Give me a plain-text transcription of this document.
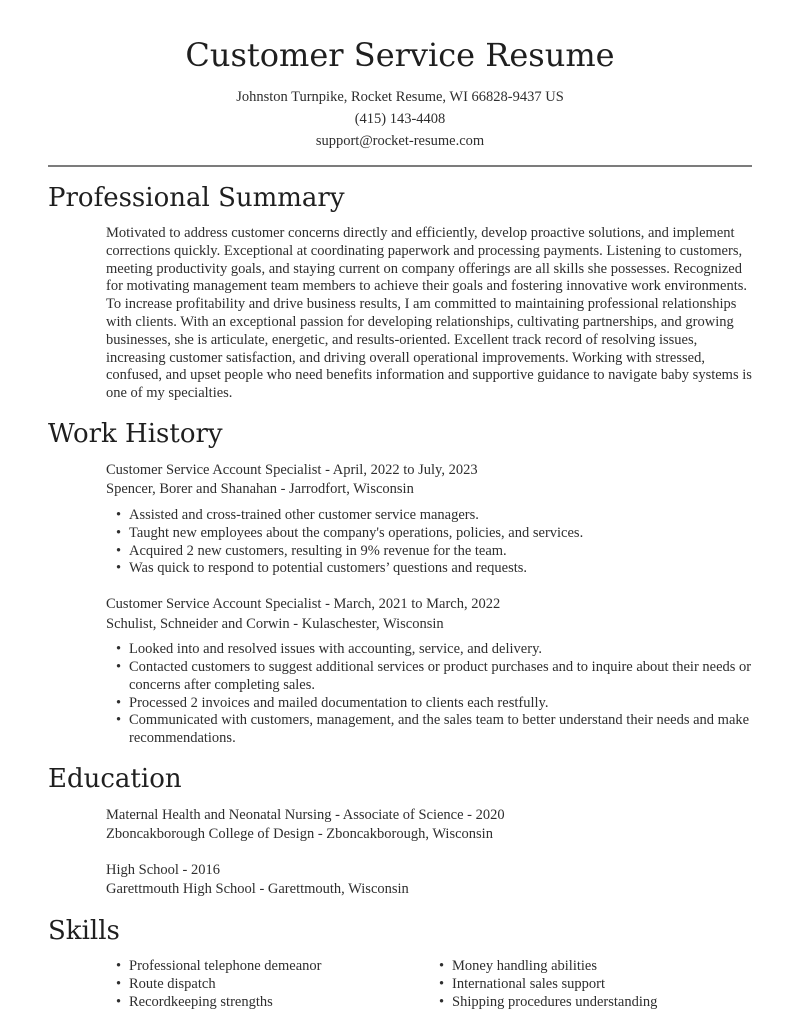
Customer Service Resume
Johnston Turnpike, Rocket Resume, WI 66828-9437 US
(415) 143-4408
support@rocket-resume.com
Professional Summary

Motivated to address customer concerns directly and efficiently, develop proactive solutions, and implement corrections quickly. Exceptional at coordinating paperwork and processing payments. Listening to customers, meeting productivity goals, and staying current on company offerings are all skills she possesses. Recognized for motivating management team members to achieve their goals and fostering innovative work environments. To increase profitability and drive business results, I am committed to maintaining professional relationships with clients. With an exceptional passion for developing relationships, cultivating partnerships, and growing businesses, she is articulate, energetic, and results-oriented. Excellent track record of resolving issues, increasing customer satisfaction, and driving overall operational improvements. Working with stressed, confused, and upset people who need benefits information and supportive guidance to navigate baby systems is one of my specialties.

Work History
Customer Service Account Specialist - April, 2022 to July, 2023
Spencer, Borer and Shanahan - Jarrodfort, Wisconsin
• Assisted and cross-trained other customer service managers.
• Taught new employees about the company's operations, policies, and services.
• Acquired 2 new customers, resulting in 9% revenue for the team.
• Was quick to respond to potential customers’ questions and requests.
Customer Service Account Specialist - March, 2021 to March, 2022
Schulist, Schneider and Corwin - Kulaschester, Wisconsin
• Looked into and resolved issues with accounting, service, and delivery.
• Contacted customers to suggest additional services or product purchases and to inquire about their needs or concerns after completing sales.
• Processed 2 invoices and mailed documentation to clients each restfully.
• Communicated with customers, management, and the sales team to better understand their needs and make recommendations.
Education
Maternal Health and Neonatal Nursing - Associate of Science - 2020
Zboncakborough College of Design - Zboncakborough, Wisconsin
High School - 2016
Garettmouth High School - Garettmouth, Wisconsin
Skills
• Professional telephone demeanor
• Route dispatch
• Recordkeeping strengths
• Money handling abilities
• International sales support
• Shipping procedures understanding
